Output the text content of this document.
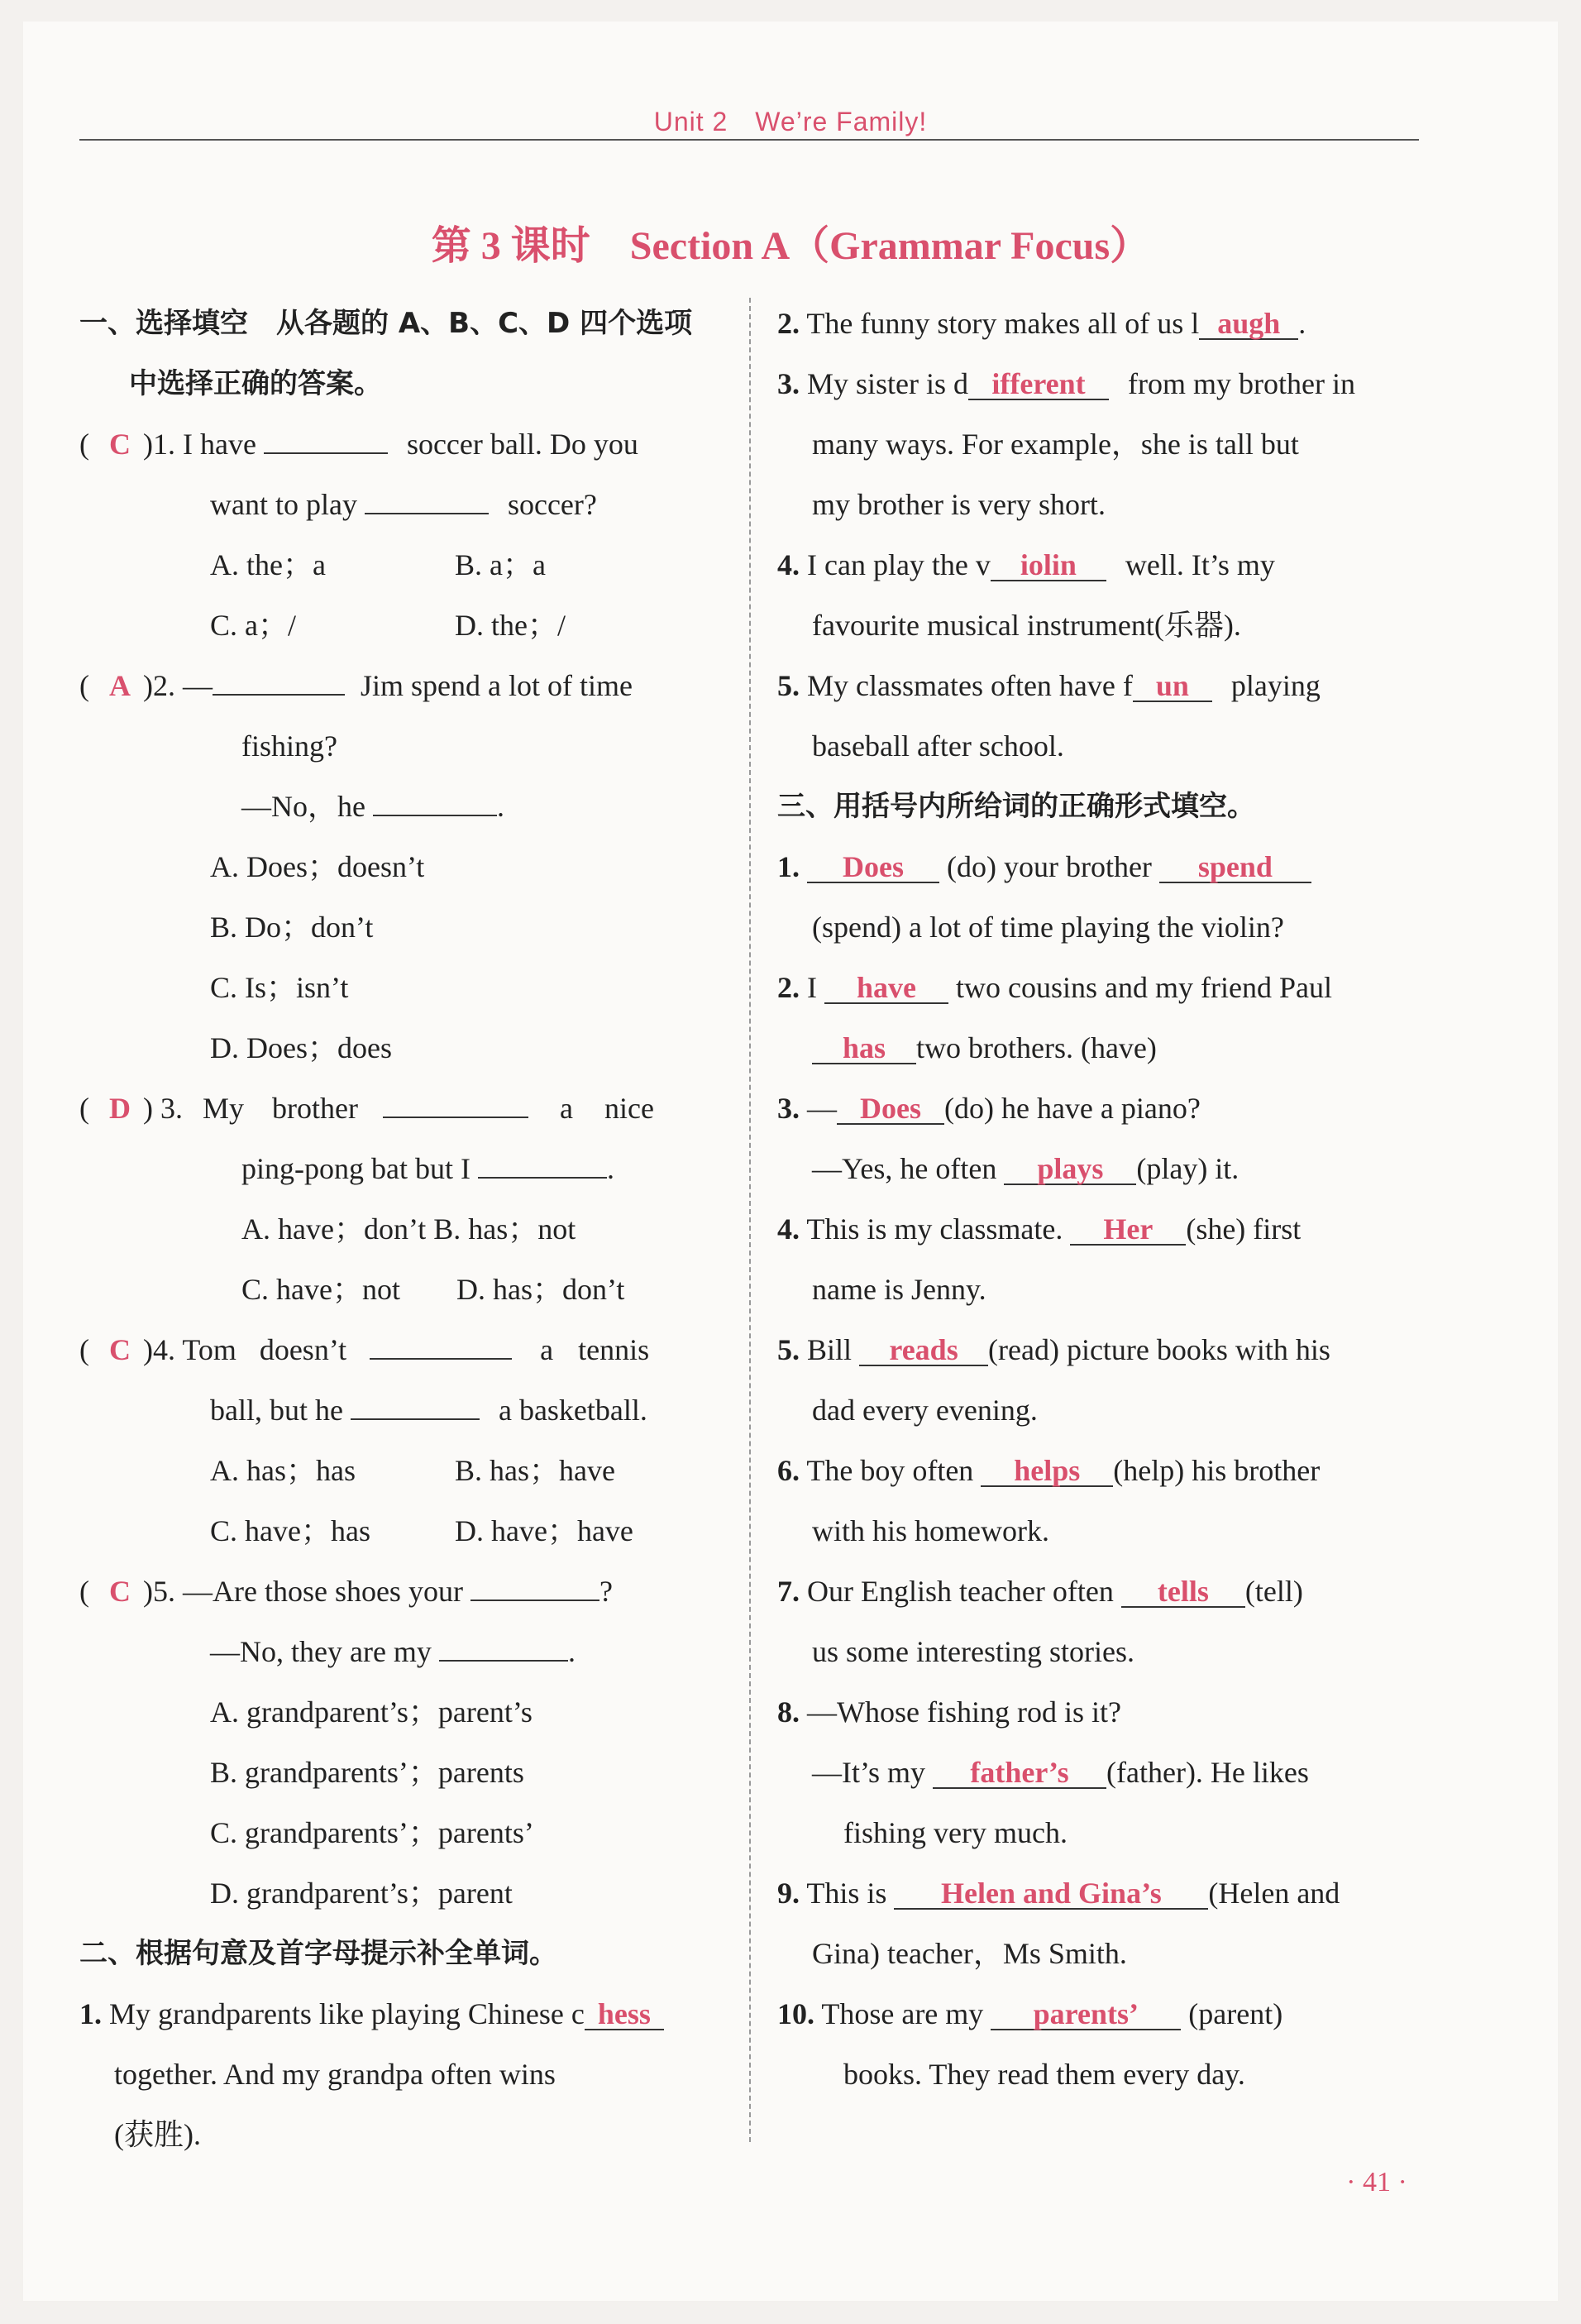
Unit 2　We’re Family!
第 3 课时　Section A（Grammar Focus）
一、选择填空　从各题的 A、B、C、D 四个选项
中选择正确的答案。
( C )1. I have	soccer ball. Do you
want to play	soccer?
A. the；a	B. a；a
C. a；/	D. the；/
( A )2. —	Jim spend a lot of time
fishing?
—No，he	.
A. Does；doesn’t
B. Do；don’t
C. Is；isn’t
D. Does；does
( D ) 3. My brother	a nice
ping-pong bat but I	.
A. have；don’t B. has；not
C. have；not D. has；don’t
( C )4. Tom doesn’t	a tennis
ball, but he	a basketball.
A. has；has	B. has；have
C. have；has	D. have；have
( C )5. —Are those shoes your	?
—No, they are my	.
A. grandparent’s；parent’s
B. grandparents’；parents
C. grandparents’；parents’
D. grandparent’s；parent
二、根据句意及首字母提示补全单词。
1. My grandparents like playing Chinese c hess
together. And my grandpa often wins
(获胜).
2. The funny story makes all of us l augh .
3. My sister is d ifferent from my brother in
many ways. For example，she is tall but
my brother is very short.
4. I can play the v iolin well. It’s my
favourite musical instrument(乐器).
5. My classmates often have f un playing
baseball after school.
三、用括号内所给词的正确形式填空。
1. Does (do) your brother spend
(spend) a lot of time playing the violin?
2. I have two cousins and my friend Paul
has two brothers. (have)
3. — Does (do) he have a piano?
—Yes, he often plays (play) it.
4. This is my classmate. Her (she) first
name is Jenny.
5. Bill reads (read) picture books with his
dad every evening.
6. The boy often helps (help) his brother
with his homework.
7. Our English teacher often tells (tell)
us some interesting stories.
8. —Whose fishing rod is it?
—It’s my father’s (father). He likes
fishing very much.
9. This is Helen and Gina’s (Helen and
Gina) teacher，Ms Smith.
10. Those are my parents’ (parent)
books. They read them every day.
· 41 ·
